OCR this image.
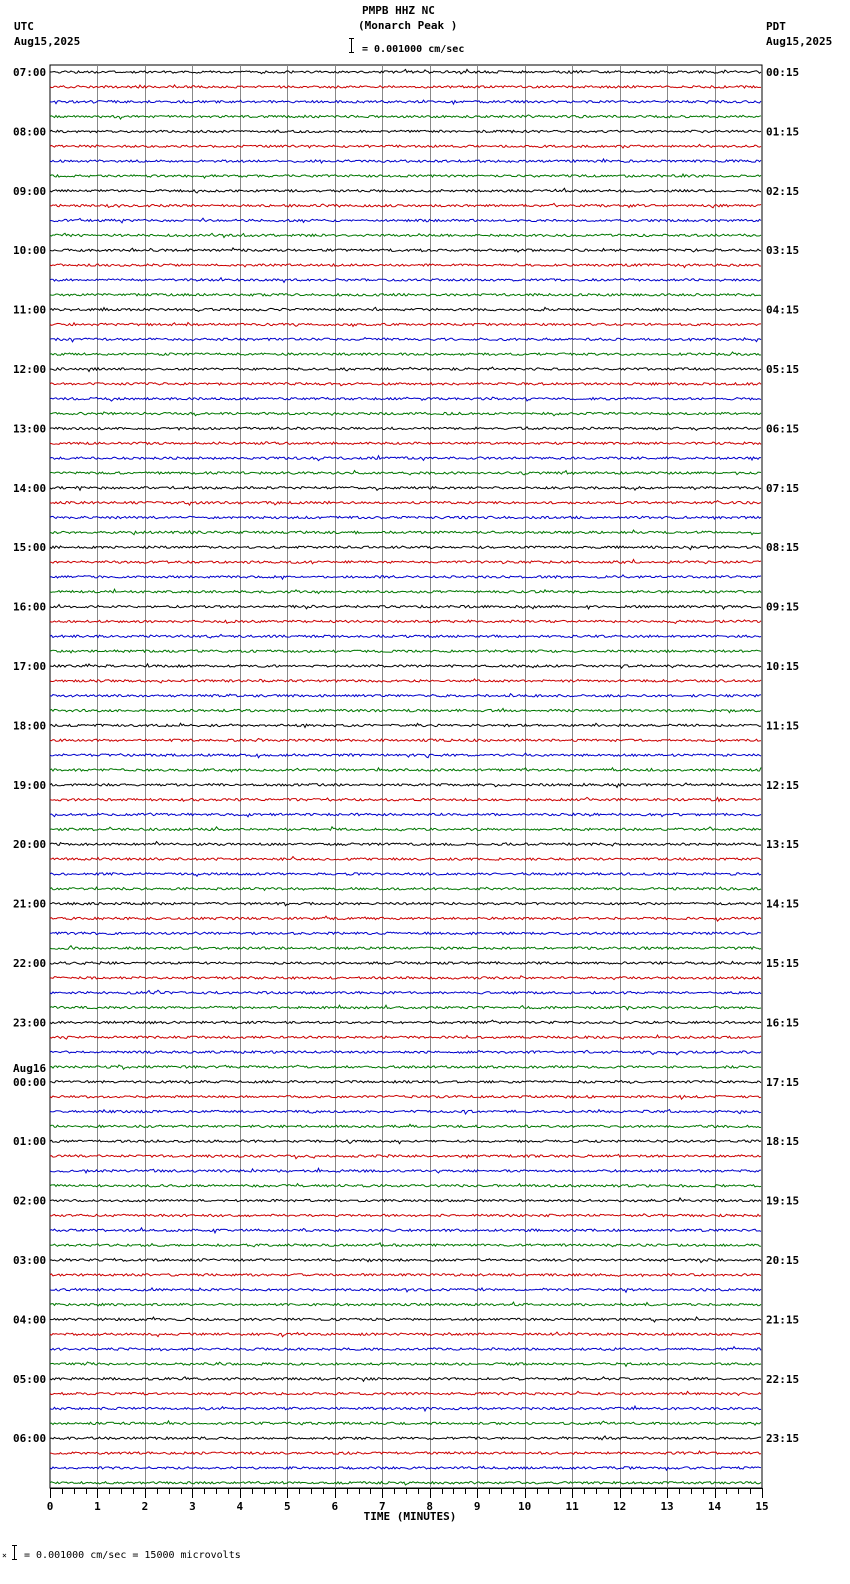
PMPB HHZ NC
(Monarch Peak )
= 0.001000 cm/sec
UTC
Aug15,2025
PDT
Aug15,2025
0	1	2	3	4	5	6	7	8	9	10	11	12	13	14	15
TIME (MINUTES)
07:00	00:15
08:00	01:15
09:00	02:15
10:00	03:15
11:00	04:15
12:00	05:15
13:00	06:15
14:00	07:15
15:00	08:15
16:00	09:15
17:00	10:15
18:00	11:15
19:00	12:15
20:00	13:15
21:00	14:15
22:00	15:15
23:00	16:15
00:00	17:15
Aug16
01:00	18:15
02:00	19:15
03:00	20:15
04:00	21:15
05:00	22:15
06:00	23:15
× = 0.001000 cm/sec = 15000 microvolts
